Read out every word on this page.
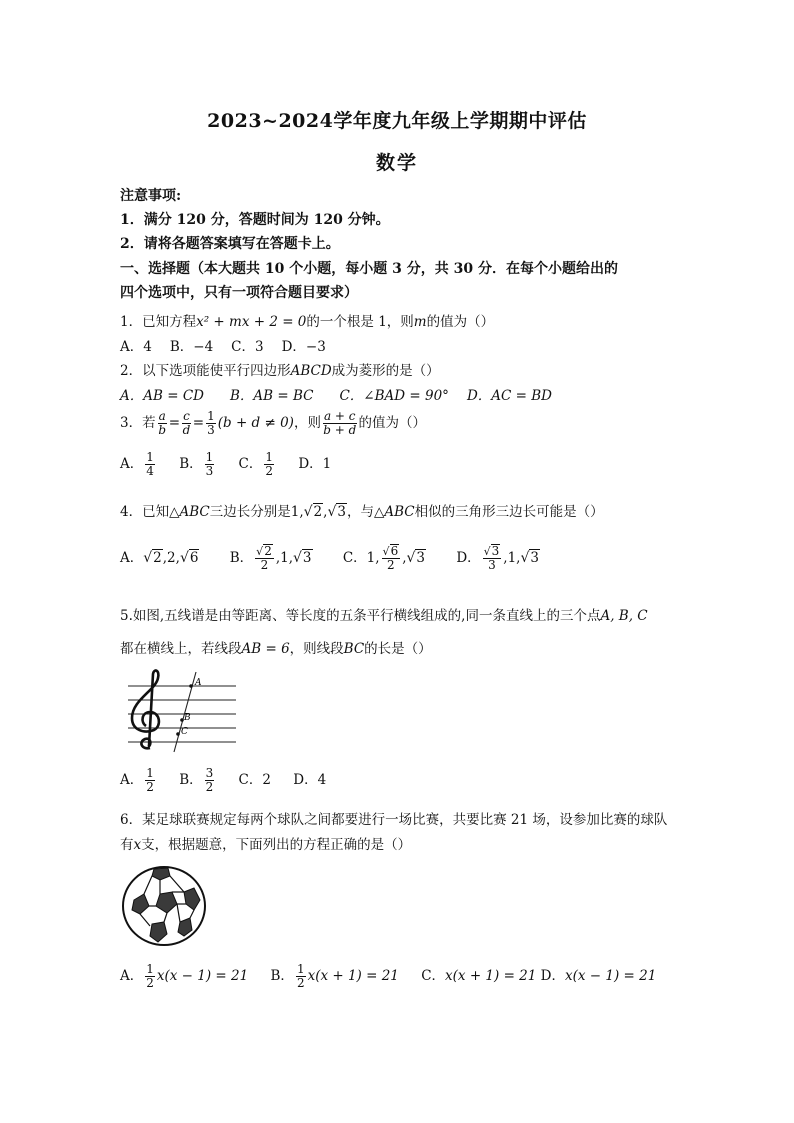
2023~2024学年度九年级上学期期中评估
数学
注意事项:
1．满分 120 分，答题时间为 120 分钟。
2．请将各题答案填写在答题卡上。
一、选择题（本大题共 10 个小题，每小题 3 分，共 30 分．在每个小题给出的
四个选项中，只有一项符合题目要求）
1．已知方程x² + mx + 2 = 0的一个根是 1，则m的值为（）
A．4 B．−4 C．3 D．−3
2．以下选项能使平行四边形ABCD成为菱形的是（）
A．AB = CD B．AB = BC C．∠BAD = 90° D．AC = BD
3．若 $\frac{a}{b} = \frac{c}{d} = \frac{1}{3} (b + d \ne 0)$，则 $\frac{a + c}{b + d}$ 的值为（）
A． $\frac{1}{4}$ B． $\frac{1}{3}$ C． $\frac{1}{2}$ D．1
4．已知△ABC三边长分别是1,√2,√3，与△ABC相似的三角形三边长可能是（）
A．√2,2,√6 B． $\frac{√2}{2} ,1,√3$ C．1, $\frac{√6}{2} ,√3$ D． $\frac{√3}{3} ,1,√3$
5.如图,五线谱是由等距离、等长度的五条平行横线组成的,同一条直线上的三个点A, B, C
都在横线上，若线段AB = 6，则线段BC的长是（）
A
B
C
A． $\frac{1}{2}$ B． $\frac{3}{2}$ C．2 D．4
6．某足球联赛规定每两个球队之间都要进行一场比赛，共要比赛 21 场，设参加比赛的球队
有x支，根据题意，下面列出的方程正确的是（）
A． $\frac{1}{2} x(x - 1) = 21$ B． $\frac{1}{2} x(x + 1) = 21$ C．x(x + 1) = 21 D．x(x − 1) = 21
